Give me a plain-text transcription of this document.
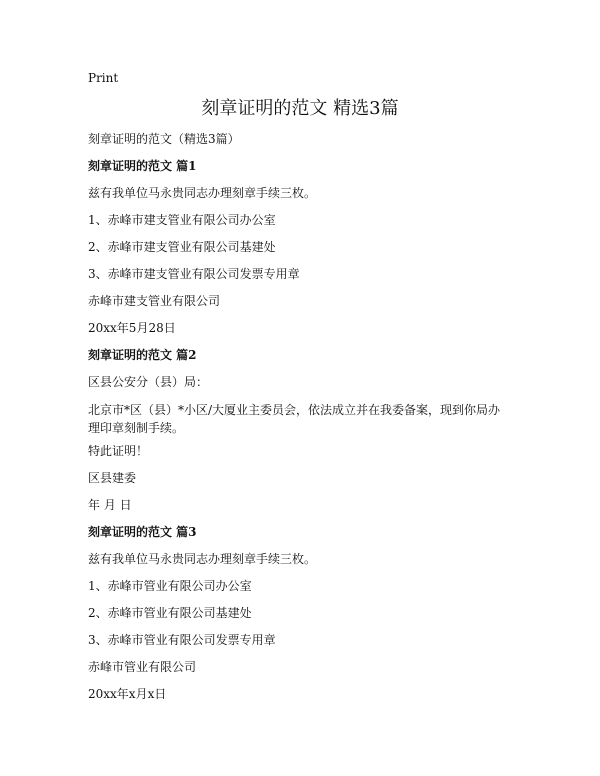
Print
刻章证明的范文 精选3篇

刻章证明的范文（精选3篇）

刻章证明的范文 篇1

兹有我单位马永贵同志办理刻章手续三枚。

1、赤峰市建支管业有限公司办公室

2、赤峰市建支管业有限公司基建处

3、赤峰市建支管业有限公司发票专用章

赤峰市建支管业有限公司

20xx年5月28日

刻章证明的范文 篇2

区县公安分（县）局：

北京市*区（县）*小区/大厦业主委员会，依法成立并在我委备案，现到你局办理印章刻制手续。

特此证明！

区县建委

年 月 日

刻章证明的范文 篇3

兹有我单位马永贵同志办理刻章手续三枚。

1、赤峰市管业有限公司办公室

2、赤峰市管业有限公司基建处

3、赤峰市管业有限公司发票专用章

赤峰市管业有限公司

20xx年x月x日
